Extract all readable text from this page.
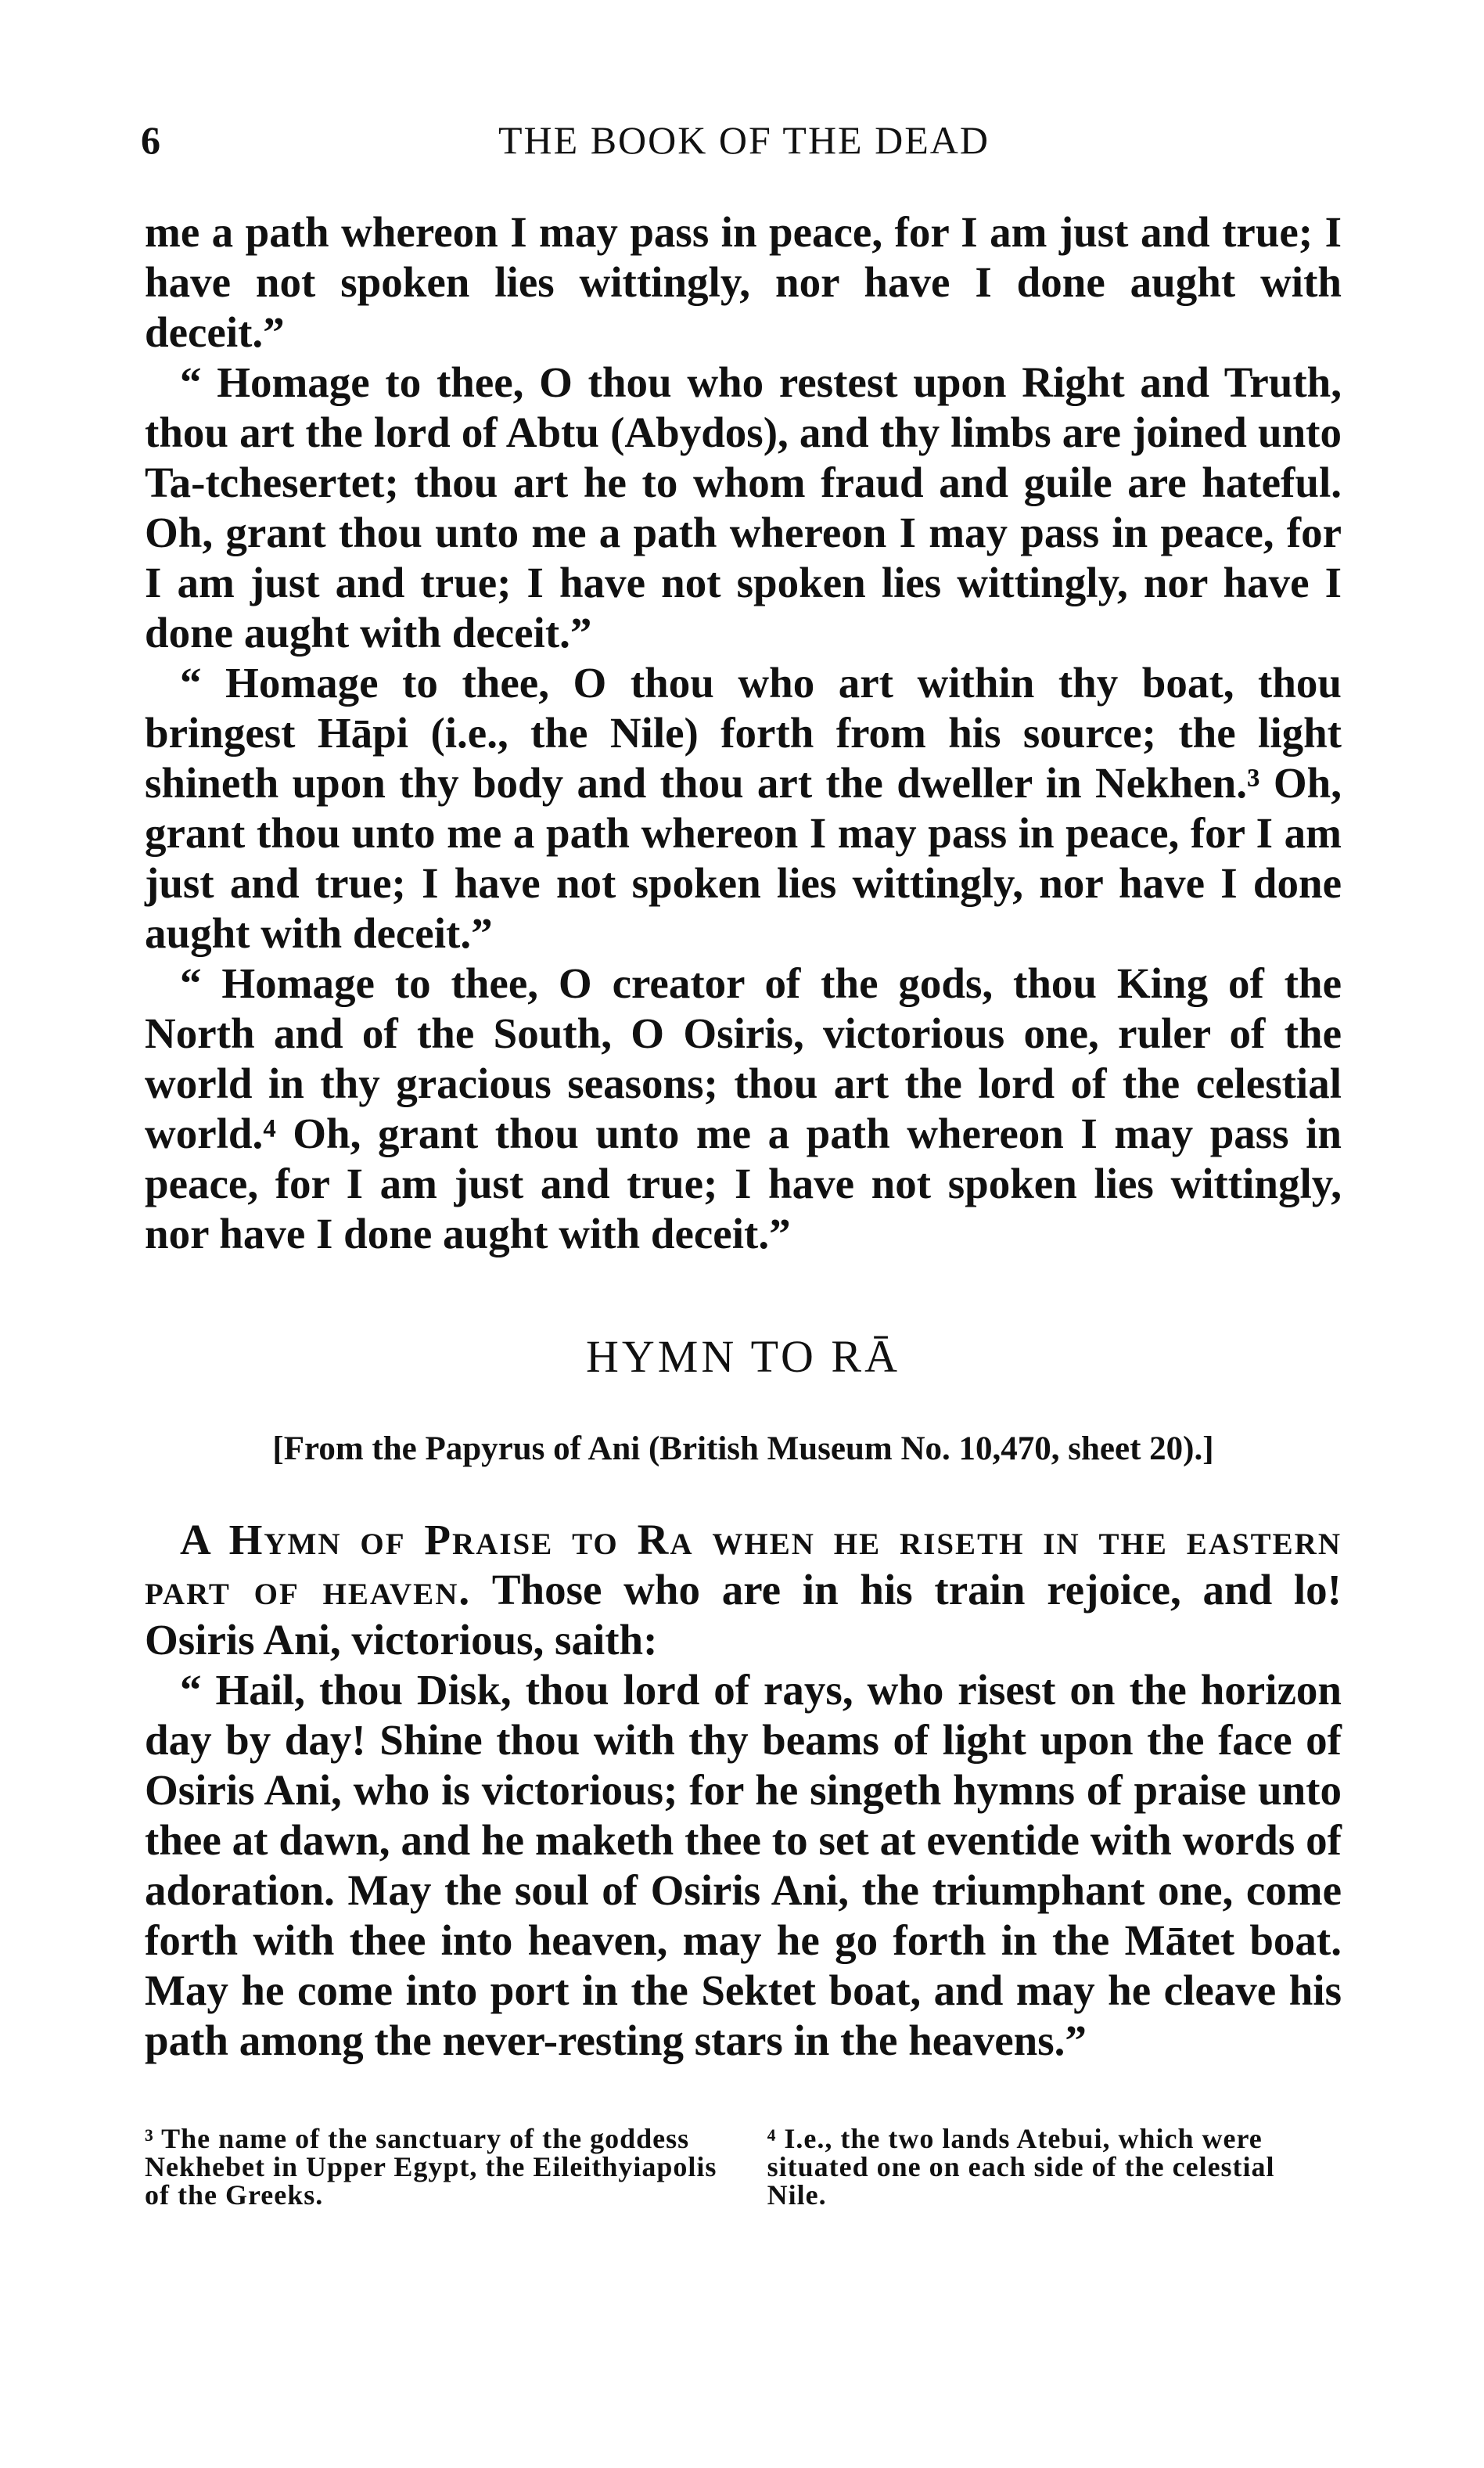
6	THE BOOK OF THE DEAD

me a path whereon I may pass in peace, for I am just and true; I have not spoken lies wittingly, nor have I done aught with deceit.”

“ Homage to thee, O thou who restest upon Right and Truth, thou art the lord of Abtu (Abydos), and thy limbs are joined unto Ta-tchesertet; thou art he to whom fraud and guile are hateful. Oh, grant thou unto me a path whereon I may pass in peace, for I am just and true; I have not spoken lies wittingly, nor have I done aught with deceit.”

“ Homage to thee, O thou who art within thy boat, thou bringest Hāpi (i.e., the Nile) forth from his source; the light shineth upon thy body and thou art the dweller in Nekhen.³ Oh, grant thou unto me a path whereon I may pass in peace, for I am just and true; I have not spoken lies wittingly, nor have I done aught with deceit.”

“ Homage to thee, O creator of the gods, thou King of the North and of the South, O Osiris, victorious one, ruler of the world in thy gracious seasons; thou art the lord of the celestial world.⁴ Oh, grant thou unto me a path whereon I may pass in peace, for I am just and true; I have not spoken lies wittingly, nor have I done aught with deceit.”

HYMN TO RĀ
[From the Papyrus of Ani (British Museum No. 10,470, sheet 20).]

A Hymn of Praise to Ra when he riseth in the eastern part of heaven. Those who are in his train rejoice, and lo! Osiris Ani, victorious, saith:

“ Hail, thou Disk, thou lord of rays, who risest on the horizon day by day! Shine thou with thy beams of light upon the face of Osiris Ani, who is victorious; for he singeth hymns of praise unto thee at dawn, and he maketh thee to set at eventide with words of adoration. May the soul of Osiris Ani, the triumphant one, come forth with thee into heaven, may he go forth in the Mātet boat. May he come into port in the Sektet boat, and may he cleave his path among the never-resting stars in the heavens.”

³ The name of the sanctuary of the goddess Nekhebet in Upper Egypt, the Eileithyiapolis of the Greeks.
⁴ I.e., the two lands Atebui, which were situated one on each side of the celestial Nile.
